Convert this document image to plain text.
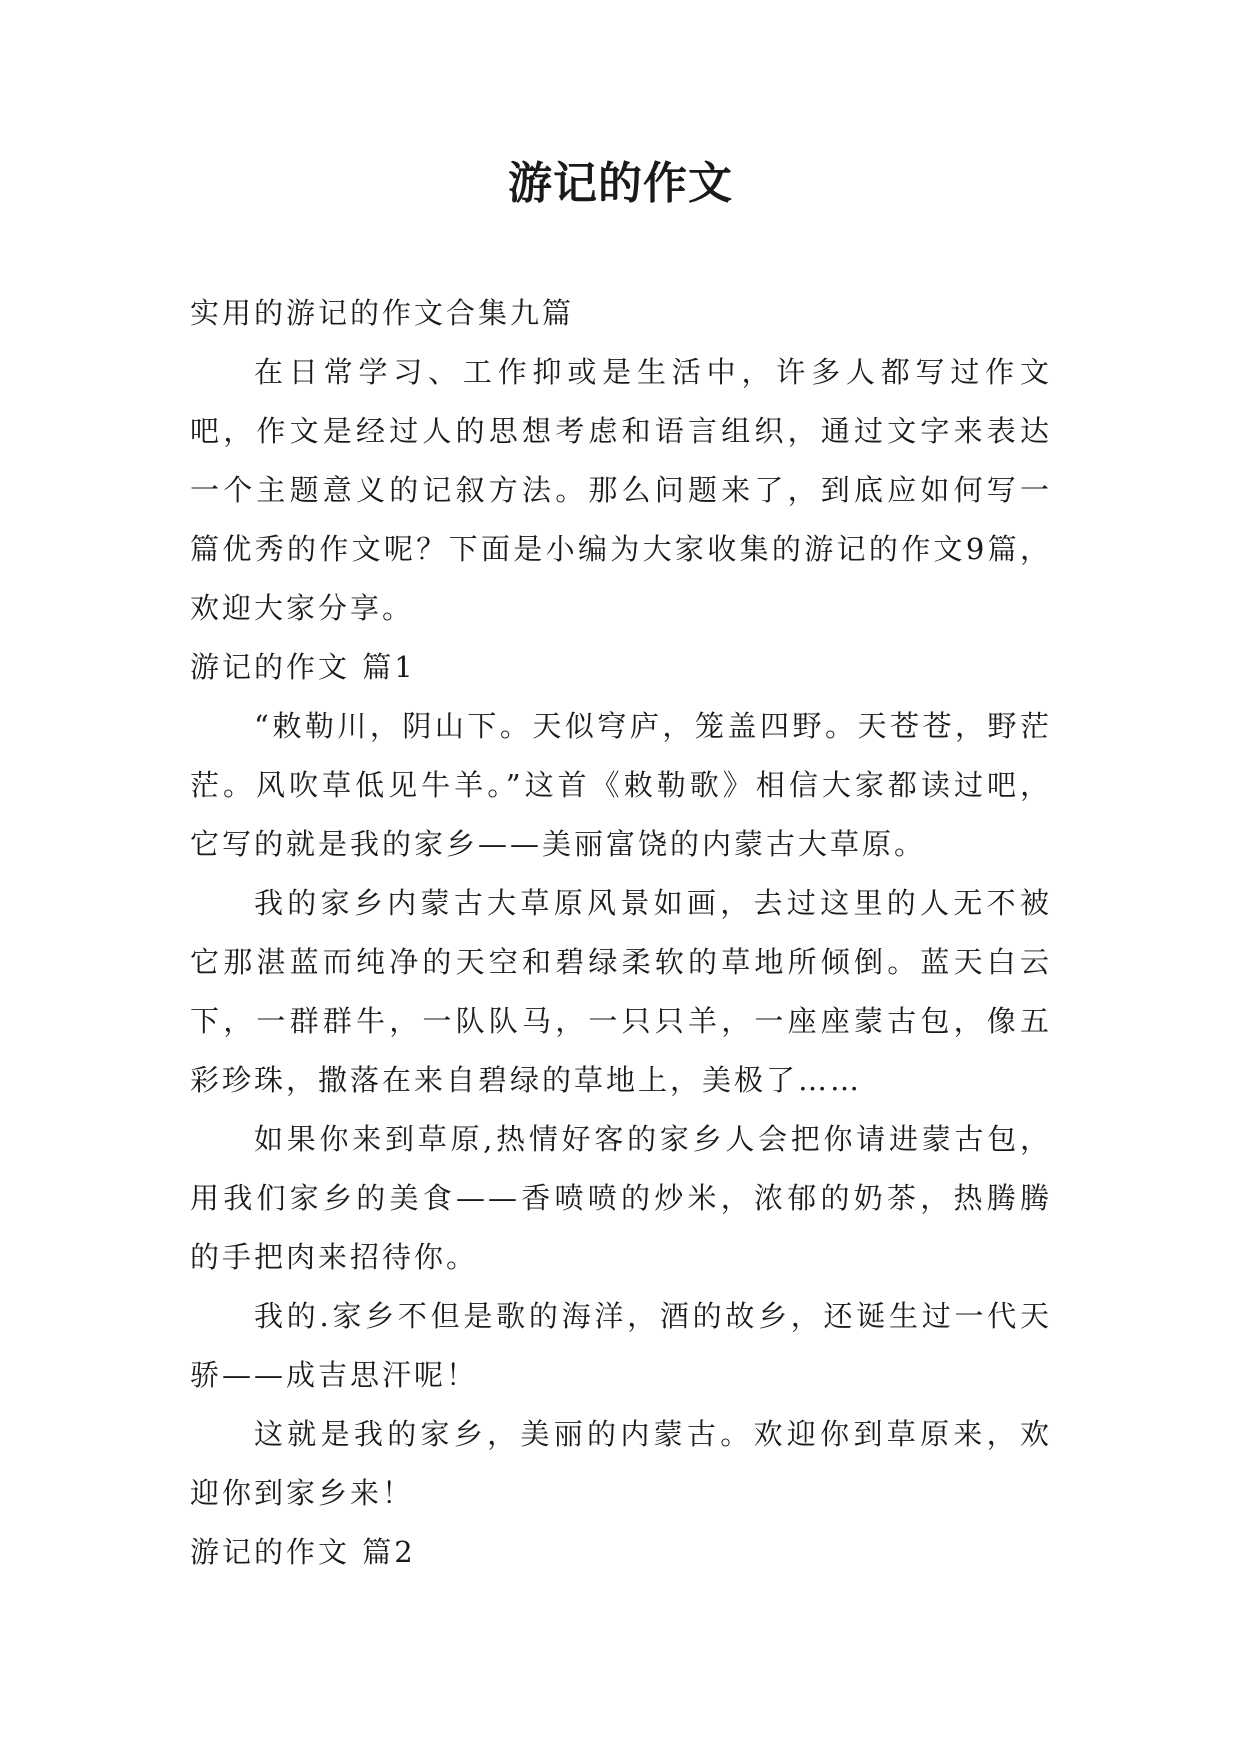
游记的作文

实用的游记的作文合集九篇

在日常学习、工作抑或是生活中，许多人都写过作文吧，作文是经过人的思想考虑和语言组织，通过文字来表达一个主题意义的记叙方法。那么问题来了，到底应如何写一篇优秀的作文呢？下面是小编为大家收集的游记的作文9篇，欢迎大家分享。

游记的作文 篇1

“敕勒川，阴山下。天似穹庐，笼盖四野。天苍苍，野茫茫。风吹草低见牛羊。”这首《敕勒歌》相信大家都读过吧，它写的就是我的家乡——美丽富饶的内蒙古大草原。

我的家乡内蒙古大草原风景如画，去过这里的人无不被它那湛蓝而纯净的天空和碧绿柔软的草地所倾倒。蓝天白云下，一群群牛，一队队马，一只只羊，一座座蒙古包，像五彩珍珠，撒落在来自碧绿的草地上，美极了……

如果你来到草原,热情好客的家乡人会把你请进蒙古包，用我们家乡的美食——香喷喷的炒米，浓郁的奶茶，热腾腾的手把肉来招待你。

我的.家乡不但是歌的海洋，酒的故乡，还诞生过一代天骄——成吉思汗呢！

这就是我的家乡，美丽的内蒙古。欢迎你到草原来，欢迎你到家乡来！

游记的作文 篇2
